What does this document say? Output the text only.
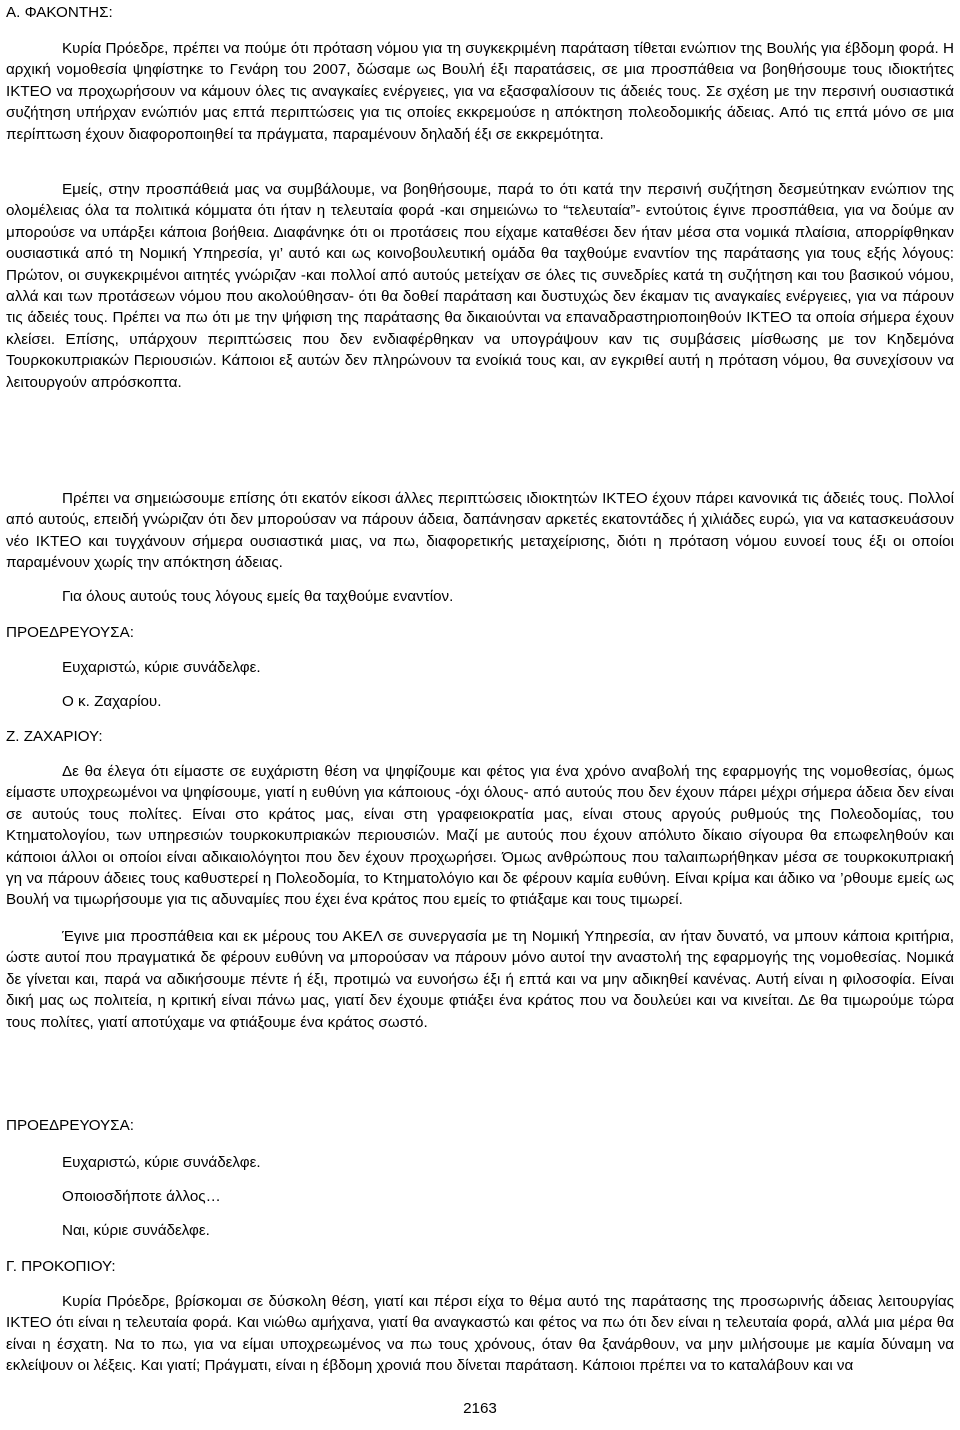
Α. ΦΑΚΟΝΤΗΣ:

Κυρία Πρόεδρε, πρέπει να πούμε ότι πρόταση νόμου για τη συγκεκριμένη παράταση τίθεται ενώπιον της Βουλής για έβδομη φορά. Η αρχική νομοθεσία ψηφίστηκε το Γενάρη του 2007, δώσαμε ως Βουλή έξι παρατάσεις, σε μια προσπάθεια να βοηθήσουμε τους ιδιοκτήτες ΙΚΤΕΟ να προχωρήσουν να κάμουν όλες τις αναγκαίες ενέργειες, για να εξασφαλίσουν τις άδειές τους. Σε σχέση με την περσινή ουσιαστικά συζήτηση υπήρχαν ενώπιόν μας επτά περιπτώσεις για τις οποίες εκκρεμούσε η απόκτηση πολεοδομικής άδειας. Από τις επτά μόνο σε μια περίπτωση έχουν διαφοροποιηθεί τα πράγματα, παραμένουν δηλαδή έξι σε εκκρεμότητα.

Εμείς, στην προσπάθειά μας να συμβάλουμε, να βοηθήσουμε, παρά το ότι κατά την περσινή συζήτηση δεσμεύτηκαν ενώπιον της ολομέλειας όλα τα πολιτικά κόμματα ότι ήταν η τελευταία φορά -και σημειώνω το “τελευταία”- εντούτοις έγινε προσπάθεια, για να δούμε αν μπορούσε να υπάρξει κάποια βοήθεια. Διαφάνηκε ότι οι προτάσεις που είχαμε καταθέσει δεν ήταν μέσα στα νομικά πλαίσια, απορρίφθηκαν ουσιαστικά από τη Νομική Υπηρεσία, γι’ αυτό και ως κοινοβουλευτική ομάδα θα ταχθούμε εναντίον της παράτασης για τους εξής λόγους: Πρώτον, οι συγκεκριμένοι αιτητές γνώριζαν -και πολλοί από αυτούς μετείχαν σε όλες τις συνεδρίες κατά τη συζήτηση και του βασικού νόμου, αλλά και των προτάσεων νόμου που ακολούθησαν- ότι θα δοθεί παράταση και δυστυχώς δεν έκαμαν τις αναγκαίες ενέργειες, για να πάρουν τις άδειές τους. Πρέπει να πω ότι με την ψήφιση της παράτασης θα δικαιούνται να επαναδραστηριοποιηθούν ΙΚΤΕΟ τα οποία σήμερα έχουν κλείσει. Επίσης, υπάρχουν περιπτώσεις που δεν ενδιαφέρθηκαν να υπογράψουν καν τις συμβάσεις μίσθωσης με τον Κηδεμόνα Τουρκοκυπριακών Περιουσιών. Κάποιοι εξ αυτών δεν πληρώνουν τα ενοίκιά τους και, αν εγκριθεί αυτή η πρόταση νόμου, θα συνεχίσουν να λειτουργούν απρόσκοπτα.

Πρέπει να σημειώσουμε επίσης ότι εκατόν είκοσι άλλες περιπτώσεις ιδιοκτητών ΙΚΤΕΟ έχουν πάρει κανονικά τις άδειές τους. Πολλοί από αυτούς, επειδή γνώριζαν ότι δεν μπορούσαν να πάρουν άδεια, δαπάνησαν αρκετές εκατοντάδες ή χιλιάδες ευρώ, για να κατασκευάσουν νέο ΙΚΤΕΟ και τυγχάνουν σήμερα ουσιαστικά μιας, να πω, διαφορετικής μεταχείρισης, διότι η πρόταση νόμου ευνοεί τους έξι οι οποίοι παραμένουν χωρίς την απόκτηση άδειας.

Για όλους αυτούς τους λόγους εμείς θα ταχθούμε εναντίον.

ΠΡΟΕΔΡΕΥΟΥΣΑ:

Ευχαριστώ, κύριε συνάδελφε.

Ο κ. Ζαχαρίου.

Ζ. ΖΑΧΑΡΙΟΥ:

Δε θα έλεγα ότι είμαστε σε ευχάριστη θέση να ψηφίζουμε και φέτος για ένα χρόνο αναβολή της εφαρμογής της νομοθεσίας, όμως είμαστε υποχρεωμένοι να ψηφίσουμε, γιατί η ευθύνη για κάποιους -όχι όλους- από αυτούς που δεν έχουν πάρει μέχρι σήμερα άδεια δεν είναι σε αυτούς τους πολίτες. Είναι στο κράτος μας, είναι στη γραφειοκρατία μας, είναι στους αργούς ρυθμούς της Πολεοδομίας, του Κτηματολογίου, των υπηρεσιών τουρκοκυπριακών περιουσιών. Μαζί με αυτούς που έχουν απόλυτο δίκαιο σίγουρα θα επωφεληθούν και κάποιοι άλλοι οι οποίοι είναι αδικαιολόγητοι που δεν έχουν προχωρήσει. Όμως ανθρώπους που ταλαιπωρήθηκαν μέσα σε τουρκοκυπριακή γη να πάρουν άδειες τους καθυστερεί η Πολεοδομία, το Κτηματολόγιο και δε φέρουν καμία ευθύνη. Είναι κρίμα και άδικο να ’ρθουμε εμείς ως Βουλή να τιμωρήσουμε για τις αδυναμίες που έχει ένα κράτος που εμείς το φτιάξαμε και τους τιμωρεί.

Έγινε μια προσπάθεια και εκ μέρους του ΑΚΕΛ σε συνεργασία με τη Νομική Υπηρεσία, αν ήταν δυνατό, να μπουν κάποια κριτήρια, ώστε αυτοί που πραγματικά δε φέρουν ευθύνη να μπορούσαν να πάρουν μόνο αυτοί την αναστολή της εφαρμογής της νομοθεσίας. Νομικά δε γίνεται και, παρά να αδικήσουμε πέντε ή έξι, προτιμώ να ευνοήσω έξι ή επτά και να μην αδικηθεί κανένας. Αυτή είναι η φιλοσοφία. Είναι δική μας ως πολιτεία, η κριτική είναι πάνω μας, γιατί δεν έχουμε φτιάξει ένα κράτος που να δουλεύει και να κινείται. Δε θα τιμωρούμε τώρα τους πολίτες, γιατί αποτύχαμε να φτιάξουμε ένα κράτος σωστό.

ΠΡΟΕΔΡΕΥΟΥΣΑ:

Ευχαριστώ, κύριε συνάδελφε.

Οποιοσδήποτε άλλος…

Ναι, κύριε συνάδελφε.

Γ. ΠΡΟΚΟΠΙΟΥ:

Κυρία Πρόεδρε, βρίσκομαι σε δύσκολη θέση, γιατί και πέρσι είχα το θέμα αυτό της παράτασης της προσωρινής άδειας λειτουργίας ΙΚΤΕΟ ότι είναι η τελευταία φορά. Και νιώθω αμήχανα, γιατί θα αναγκαστώ και φέτος να πω ότι δεν είναι η τελευταία φορά, αλλά μια μέρα θα είναι η έσχατη. Να το πω, για να είμαι υποχρεωμένος να πω τους χρόνους, όταν θα ξανάρθουν, να μην μιλήσουμε με καμία δύναμη να εκλείψουν οι λέξεις. Και γιατί; Πράγματι, είναι η έβδομη χρονιά που δίνεται παράταση. Κάποιοι πρέπει να το καταλάβουν και να

2163
